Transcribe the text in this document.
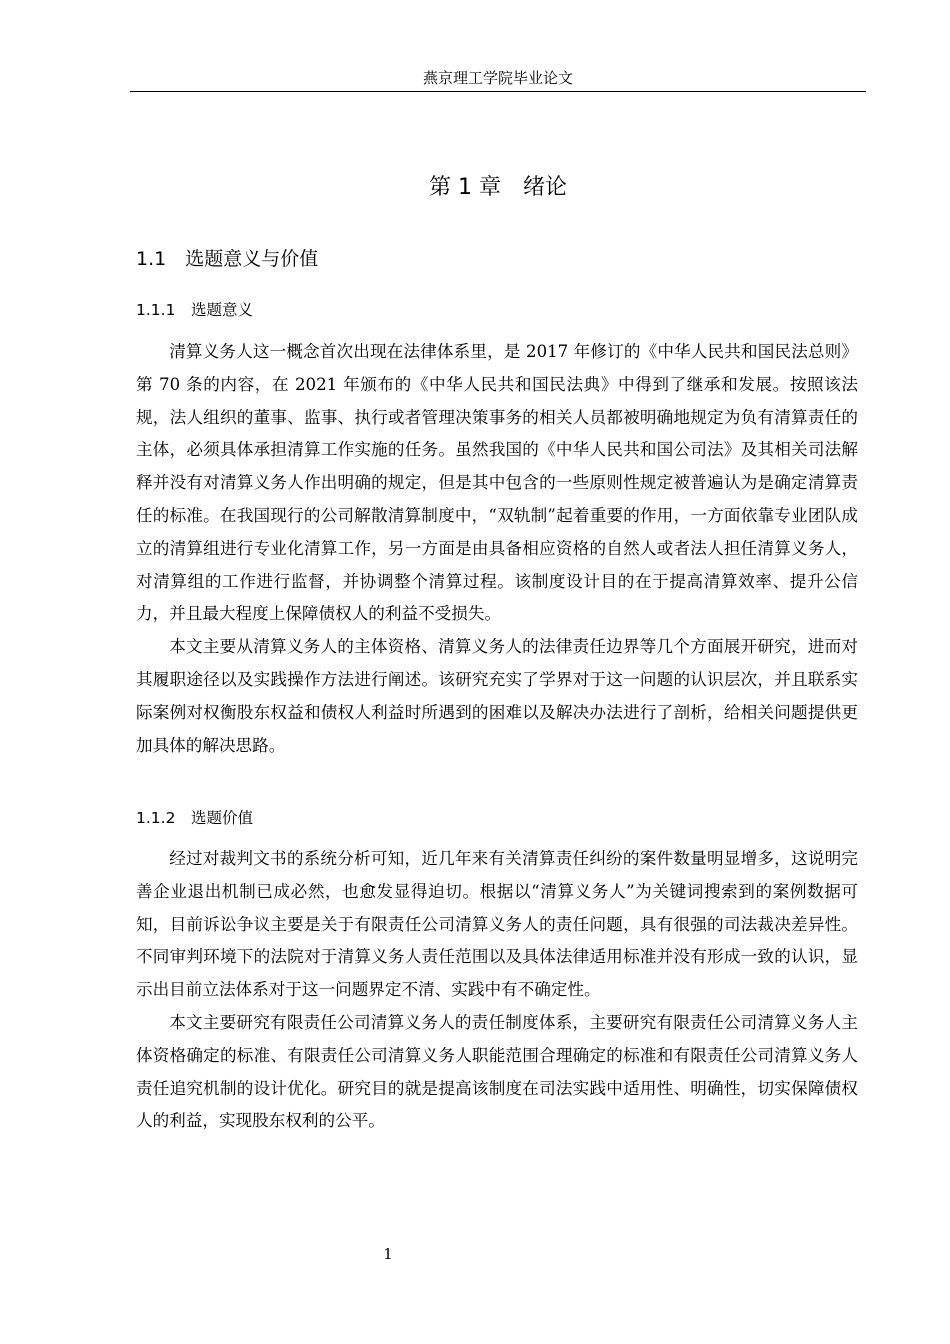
燕京理工学院毕业论文
第 1 章　绪论
1.1　选题意义与价值
1.1.1　选题意义

清算义务人这一概念首次出现在法律体系里，是 2017 年修订的《中华人民共和国民法总则》第 70 条的内容，在 2021 年颁布的《中华人民共和国民法典》中得到了继承和发展。按照该法规，法人组织的董事、监事、执行或者管理决策事务的相关人员都被明确地规定为负有清算责任的主体，必须具体承担清算工作实施的任务。虽然我国的《中华人民共和国公司法》及其相关司法解释并没有对清算义务人作出明确的规定，但是其中包含的一些原则性规定被普遍认为是确定清算责任的标准。在我国现行的公司解散清算制度中，“双轨制”起着重要的作用，一方面依靠专业团队成立的清算组进行专业化清算工作，另一方面是由具备相应资格的自然人或者法人担任清算义务人，对清算组的工作进行监督，并协调整个清算过程。该制度设计目的在于提高清算效率、提升公信力，并且最大程度上保障债权人的利益不受损失。

本文主要从清算义务人的主体资格、清算义务人的法律责任边界等几个方面展开研究，进而对其履职途径以及实践操作方法进行阐述。该研究充实了学界对于这一问题的认识层次，并且联系实际案例对权衡股东权益和债权人利益时所遇到的困难以及解决办法进行了剖析，给相关问题提供更加具体的解决思路。

1.1.2　选题价值

经过对裁判文书的系统分析可知，近几年来有关清算责任纠纷的案件数量明显增多，这说明完善企业退出机制已成必然，也愈发显得迫切。根据以“清算义务人”为关键词搜索到的案例数据可知，目前诉讼争议主要是关于有限责任公司清算义务人的责任问题，具有很强的司法裁决差异性。不同审判环境下的法院对于清算义务人责任范围以及具体法律适用标准并没有形成一致的认识，显示出目前立法体系对于这一问题界定不清、实践中有不确定性。

本文主要研究有限责任公司清算义务人的责任制度体系，主要研究有限责任公司清算义务人主体资格确定的标准、有限责任公司清算义务人职能范围合理确定的标准和有限责任公司清算义务人责任追究机制的设计优化。研究目的就是提高该制度在司法实践中适用性、明确性，切实保障债权人的利益，实现股东权利的公平。

1
